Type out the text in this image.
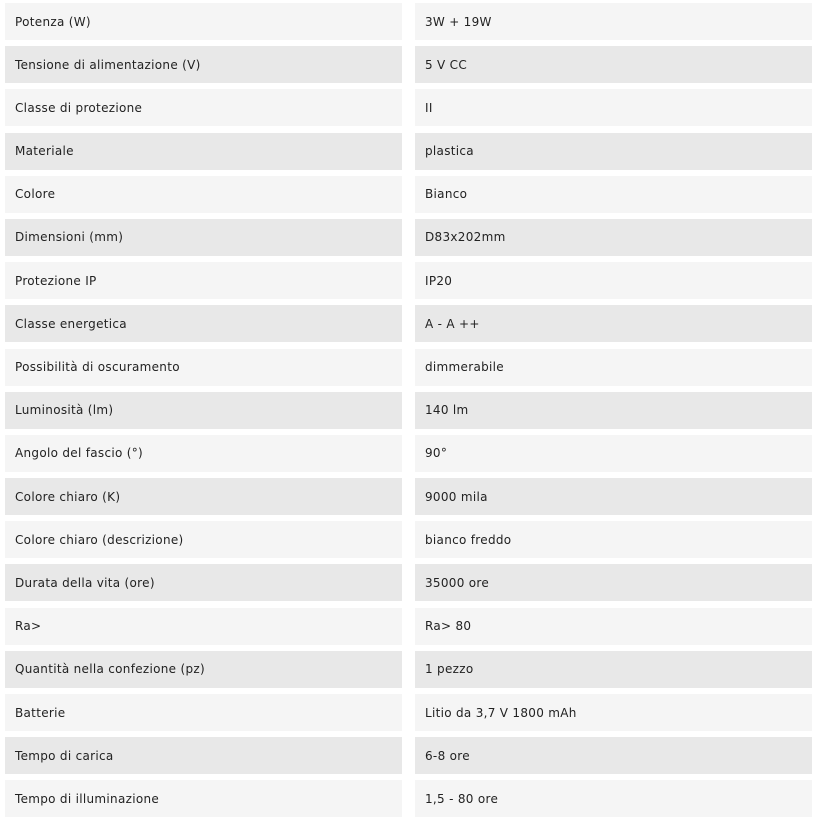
Potenza (W)	3W + 19W
Tensione di alimentazione (V)	5 V CC
Classe di protezione	II
Materiale	plastica
Colore	Bianco
Dimensioni (mm)	D83x202mm
Protezione IP	IP20
Classe energetica	A - A ++
Possibilità di oscuramento	dimmerabile
Luminosità (lm)	140 lm
Angolo del fascio (°)	90°
Colore chiaro (K)	9000 mila
Colore chiaro (descrizione)	bianco freddo
Durata della vita (ore)	35000 ore
Ra>	Ra> 80
Quantità nella confezione (pz)	1 pezzo
Batterie	Litio da 3,7 V 1800 mAh
Tempo di carica	6-8 ore
Tempo di illuminazione	1,5 - 80 ore
